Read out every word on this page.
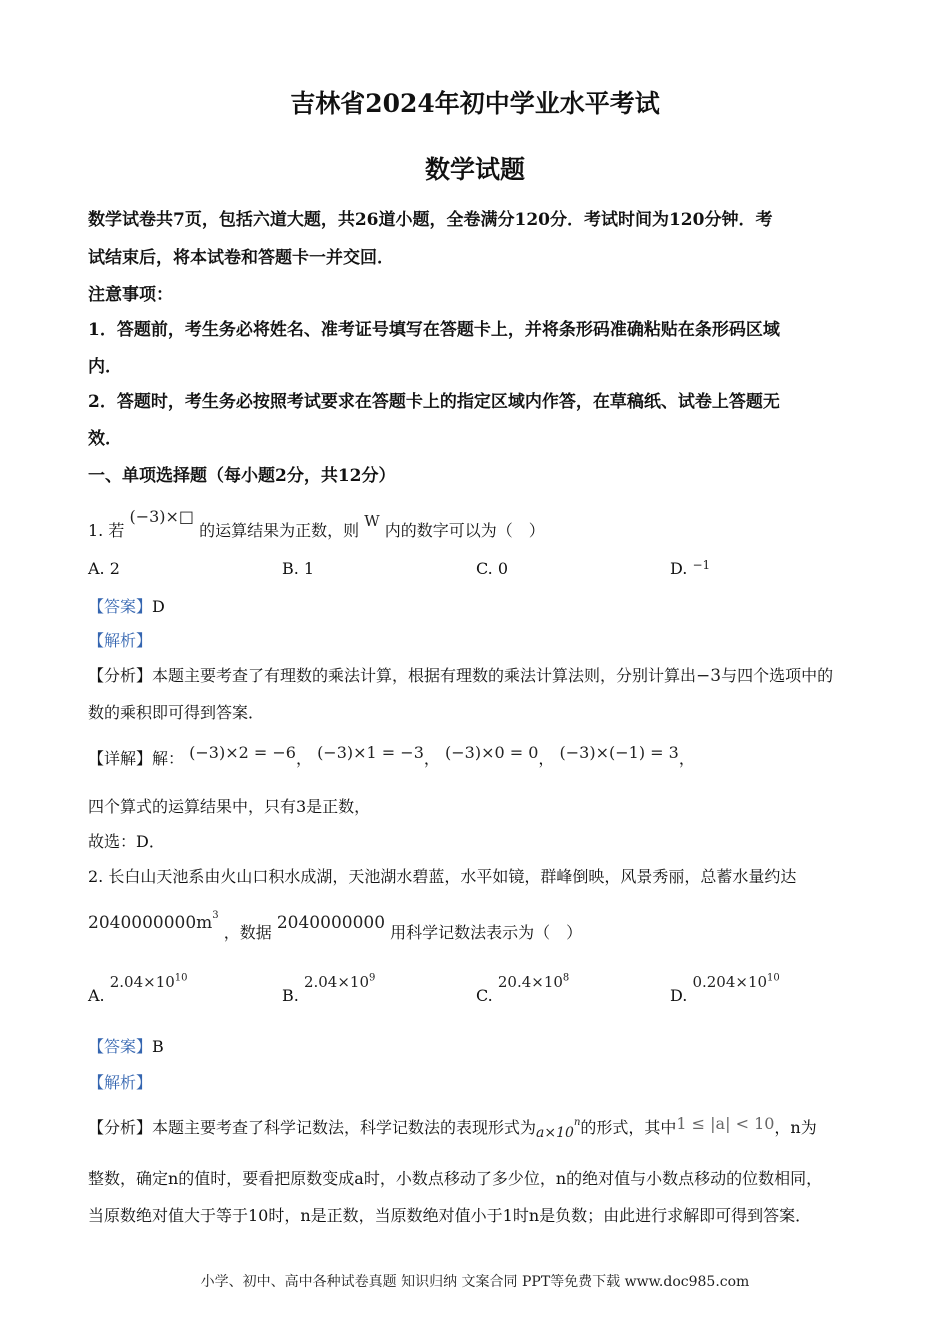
吉林省2024年初中学业水平考试
数学试题
数学试卷共7页，包括六道大题，共26道小题，全卷满分120分．考试时间为120分钟．考
试结束后，将本试卷和答题卡一并交回．
注意事项：
1．答题前，考生务必将姓名、准考证号填写在答题卡上，并将条形码准确粘贴在条形码区域
内．
2．答题时，考生务必按照考试要求在答题卡上的指定区域内作答，在草稿纸、试卷上答题无
效．
一、单项选择题（每小题2分，共12分）
1. 若 (−3)×□ 的运算结果为正数，则 W 内的数字可以为（　）
A. 2	B. 1	C. 0	D. $^{-1}$
【答案】D
【解析】
【分析】本题主要考查了有理数的乘法计算，根据有理数的乘法计算法则，分别计算出−3与四个选项中的
数的乘积即可得到答案．
【详解】解： (−3)×2 = −6， (−3)×1 = −3， (−3)×0 = 0， (−3)×(−1) = 3，
四个算式的运算结果中，只有3是正数，
故选：D．
2. 长白山天池系由火山口积水成湖，天池湖水碧蓝，水平如镜，群峰倒映，风景秀丽，总蓄水量约达
$2040000000m^3$ ，数据 2040000000 用科学记数法表示为（　）
A. $2.04\times 10^{10}$
B. $2.04\times 10^9$
C. $20.4\times 10^8$
D. $0.204\times 10^{10}$
【答案】B
【解析】
【分析】本题主要考查了科学记数法，科学记数法的表现形式为$a\times 10^n$的形式，其中1 ≤ |a| < 10，n为
整数，确定n的值时，要看把原数变成a时，小数点移动了多少位，n的绝对值与小数点移动的位数相同，
当原数绝对值大于等于10时，n是正数，当原数绝对值小于1时n是负数；由此进行求解即可得到答案．
小学、初中、高中各种试卷真题 知识归纳 文案合同 PPT等免费下载 www.doc985.com
